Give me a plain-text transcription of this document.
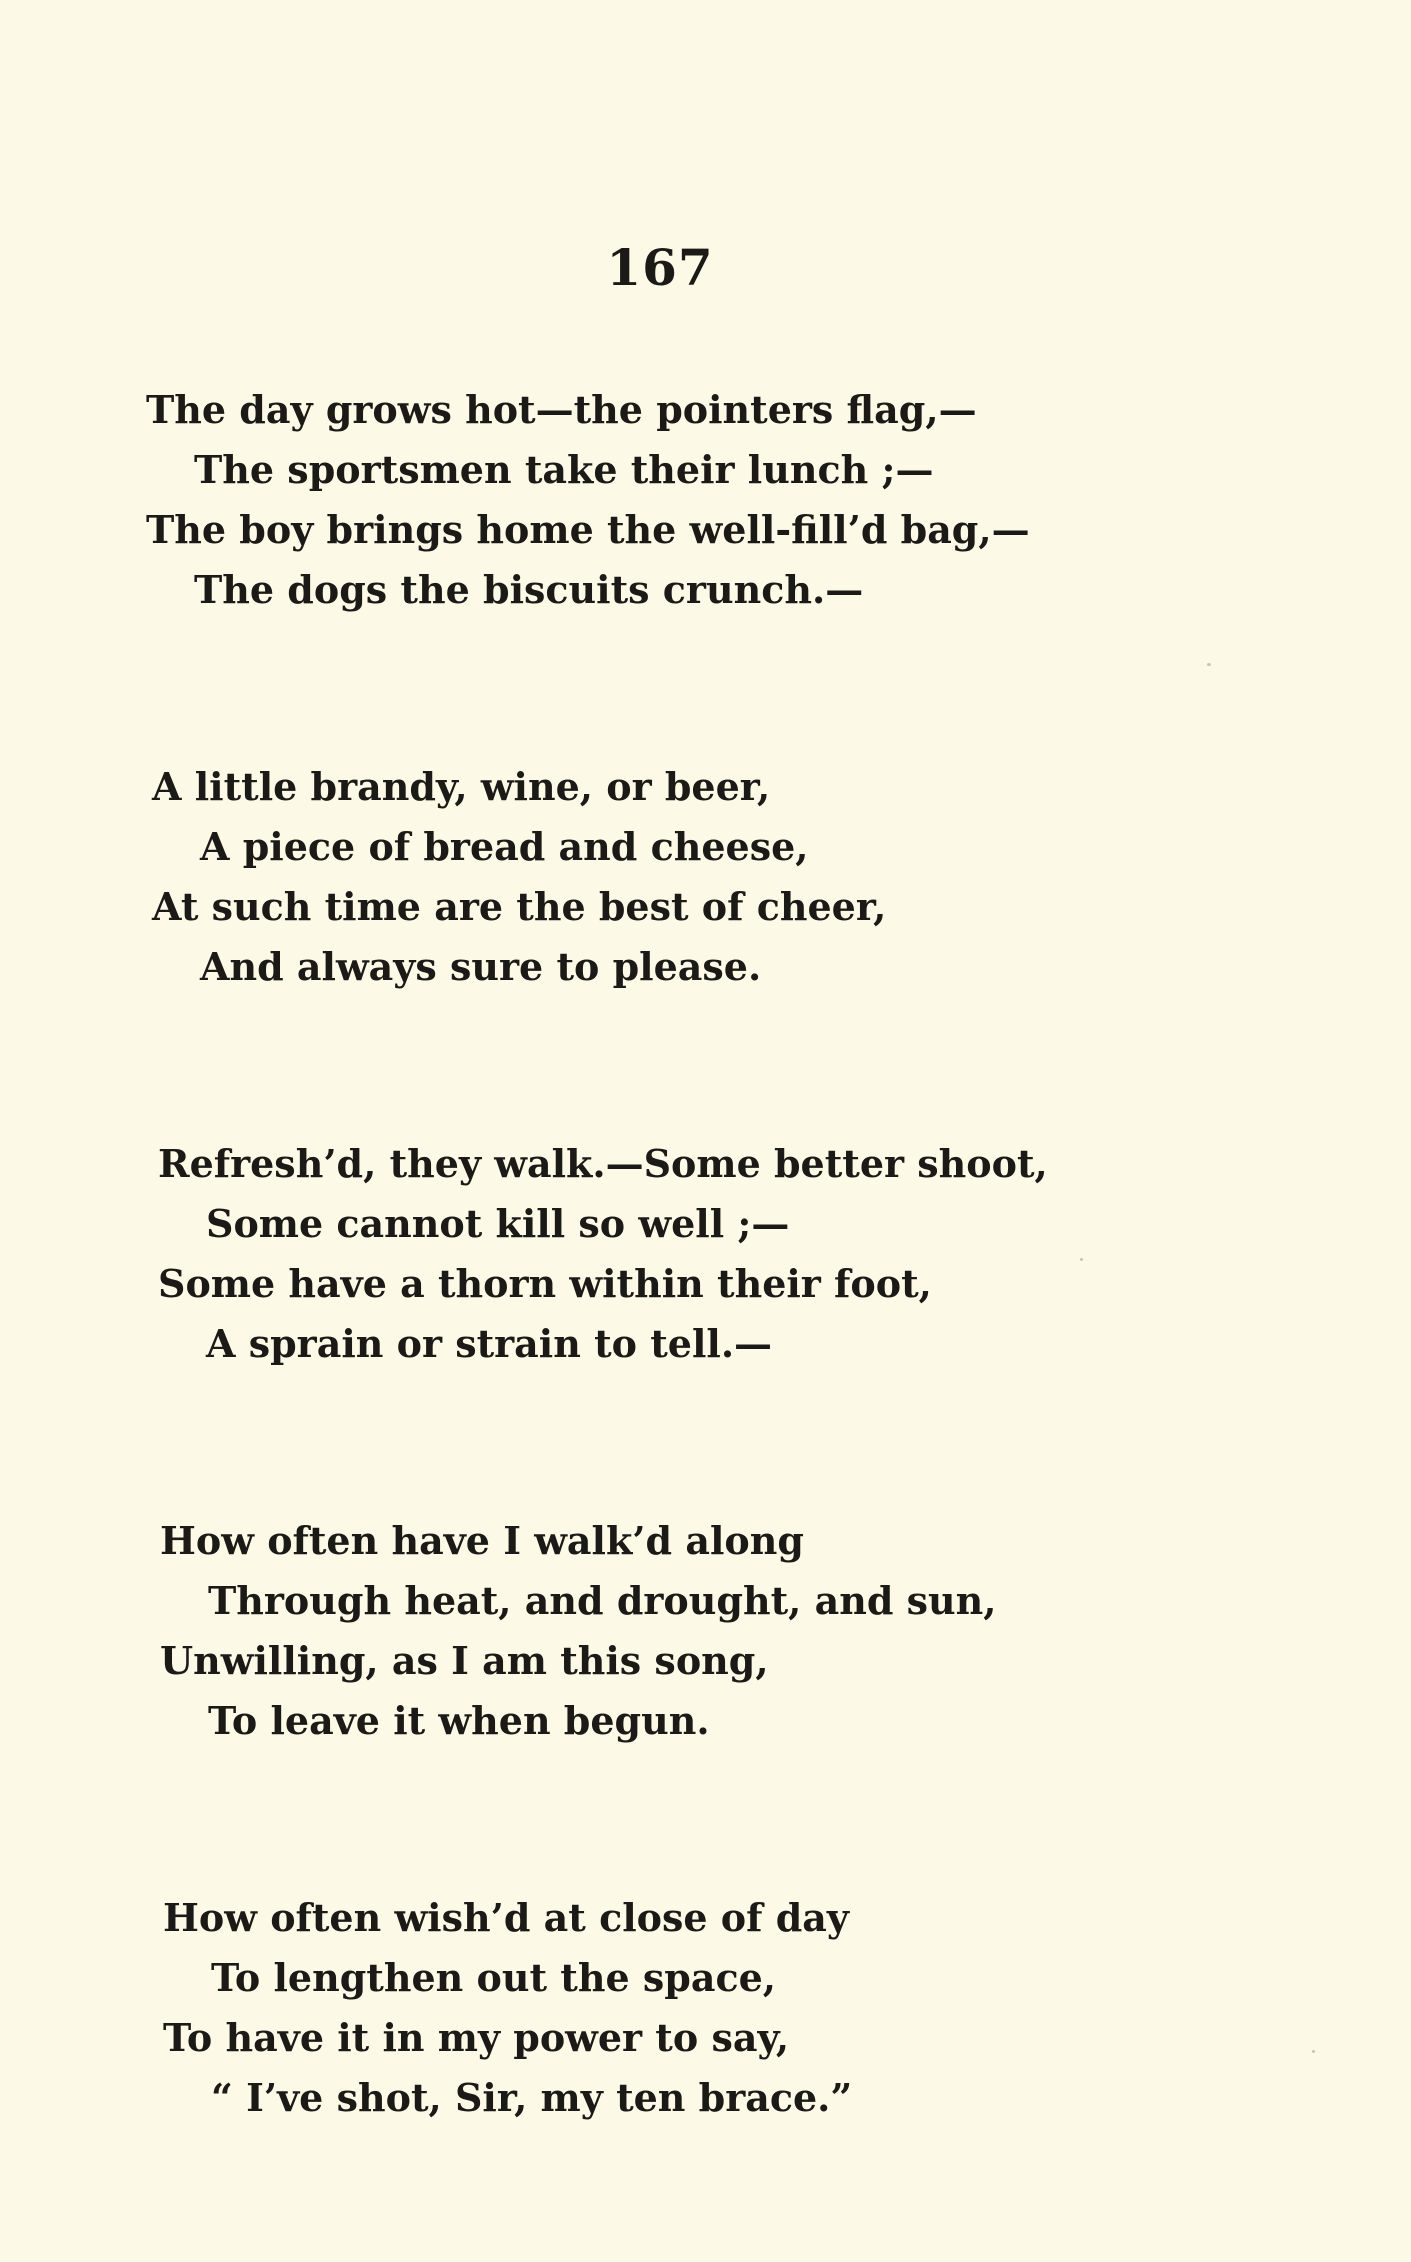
167
The day grows hot—the pointers flag,—
The sportsmen take their lunch ;—
The boy brings home the well-fill’d bag,—
The dogs the biscuits crunch.—
A little brandy, wine, or beer,
A piece of bread and cheese,
At such time are the best of cheer,
And always sure to please.
Refresh’d, they walk.—Some better shoot,
Some cannot kill so well ;—
Some have a thorn within their foot,
A sprain or strain to tell.—
How often have I walk’d along
Through heat, and drought, and sun,
Unwilling, as I am this song,
To leave it when begun.
How often wish’d at close of day
To lengthen out the space,
To have it in my power to say,
“ I’ve shot, Sir, my ten brace.”
